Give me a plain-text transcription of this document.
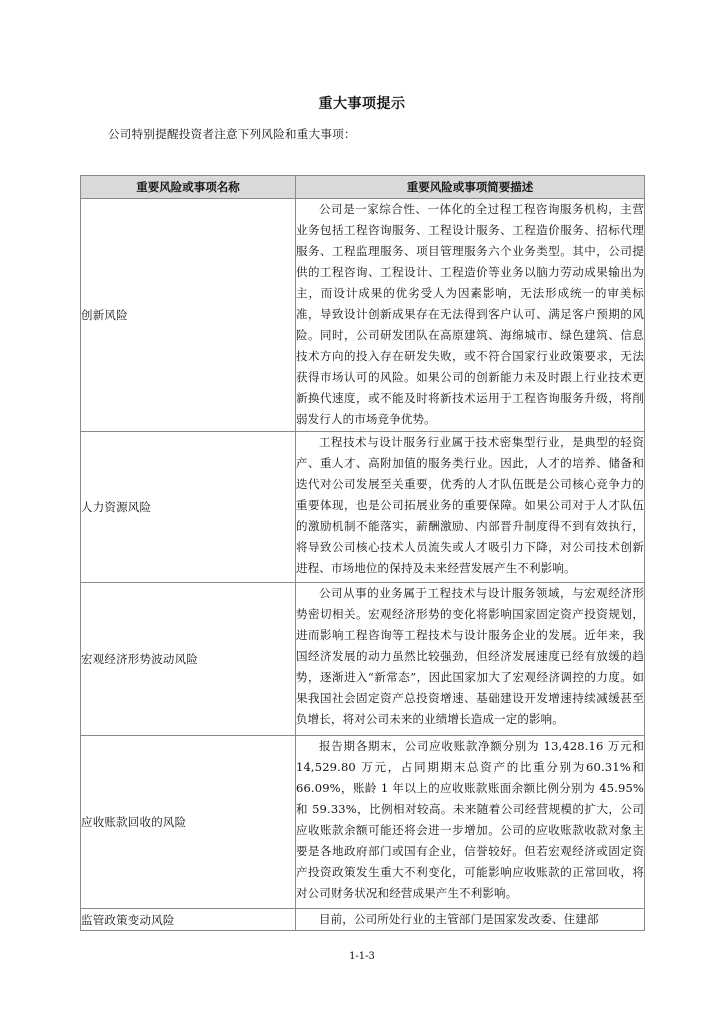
重大事项提示
公司特别提醒投资者注意下列风险和重大事项：
重要风险或事项名称	重要风险或事项简要描述
创新风险	公司是一家综合性、一体化的全过程工程咨询服务机构，主营业务包括工程咨询服务、工程设计服务、工程造价服务、招标代理服务、工程监理服务、项目管理服务六个业务类型。其中，公司提供的工程咨询、工程设计、工程造价等业务以脑力劳动成果输出为主，而设计成果的优劣受人为因素影响，无法形成统一的审美标准，导致设计创新成果存在无法得到客户认可、满足客户预期的风险。同时，公司研发团队在高原建筑、海绵城市、绿色建筑、信息技术方向的投入存在研发失败，或不符合国家行业政策要求，无法获得市场认可的风险。如果公司的创新能力未及时跟上行业技术更新换代速度，或不能及时将新技术运用于工程咨询服务升级，将削弱发行人的市场竞争优势。

人力资源风险	工程技术与设计服务行业属于技术密集型行业，是典型的轻资产、重人才、高附加值的服务类行业。因此，人才的培养、储备和迭代对公司发展至关重要，优秀的人才队伍既是公司核心竞争力的重要体现，也是公司拓展业务的重要保障。如果公司对于人才队伍的激励机制不能落实，薪酬激励、内部晋升制度得不到有效执行，将导致公司核心技术人员流失或人才吸引力下降，对公司技术创新进程、市场地位的保持及未来经营发展产生不利影响。

宏观经济形势波动风险	公司从事的业务属于工程技术与设计服务领域，与宏观经济形势密切相关。宏观经济形势的变化将影响国家固定资产投资规划，进而影响工程咨询等工程技术与设计服务企业的发展。近年来，我国经济发展的动力虽然比较强劲，但经济发展速度已经有放缓的趋势，逐渐进入“新常态”，因此国家加大了宏观经济调控的力度。如果我国社会固定资产总投资增速、基础建设开发增速持续减缓甚至负增长，将对公司未来的业绩增长造成一定的影响。

应收账款回收的风险	报告期各期末，公司应收账款净额分别为 13,428.16 万元和 14,529.80 万元，占同期期末总资产的比重分别为60.31%和66.09%，账龄 1 年以上的应收账款账面余额比例分别为 45.95%和 59.33%，比例相对较高。未来随着公司经营规模的扩大，公司应收账款余额可能还将会进一步增加。公司的应收账款收款对象主要是各地政府部门或国有企业，信誉较好。但若宏观经济或固定资产投资政策发生重大不利变化，可能影响应收账款的正常回收，将对公司财务状况和经营成果产生不利影响。

监管政策变动风险	目前，公司所处行业的主管部门是国家发改委、住建部

1-1-3
